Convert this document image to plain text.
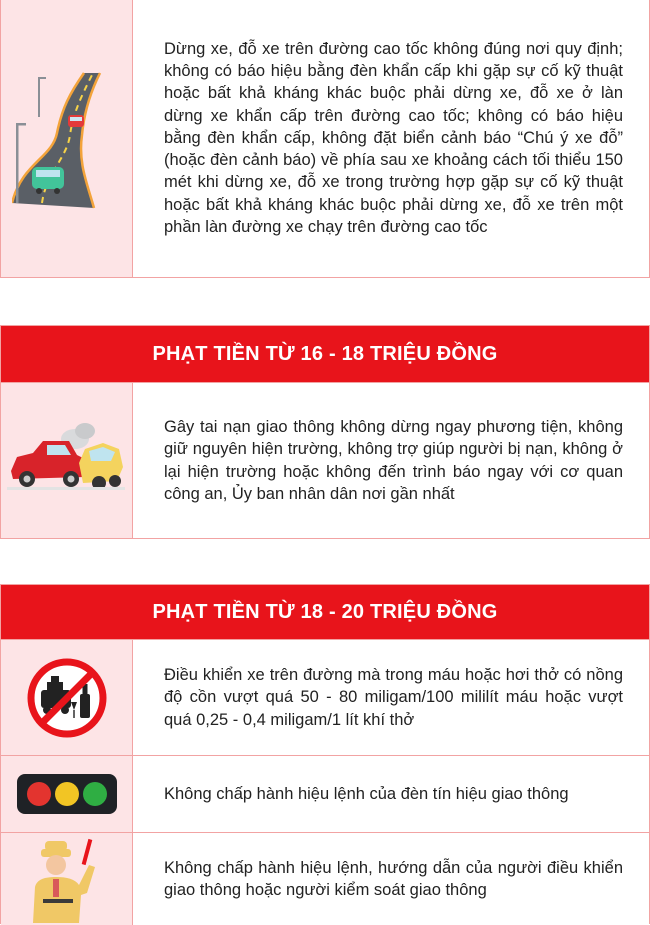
Dừng xe, đỗ xe trên đường cao tốc không đúng nơi quy định; không có báo hiệu bằng đèn khẩn cấp khi gặp sự cố kỹ thuật hoặc bất khả kháng khác buộc phải dừng xe, đỗ xe ở làn dừng xe khẩn cấp trên đường cao tốc; không có báo hiệu bằng đèn khẩn cấp, không đặt biển cảnh báo “Chú ý xe đỗ” (hoặc đèn cảnh báo) về phía sau xe khoảng cách tối thiểu 150 mét khi dừng xe, đỗ xe trong trường hợp gặp sự cố kỹ thuật hoặc bất khả kháng khác buộc phải dừng xe, đỗ xe trên một phần làn đường xe chạy trên đường cao tốc
PHẠT TIỀN TỪ 16 - 18 TRIỆU ĐỒNG
Gây tai nạn giao thông không dừng ngay phương tiện, không giữ nguyên hiện trường, không trợ giúp người bị nạn, không ở lại hiện trường hoặc không đến trình báo ngay với cơ quan công an, Ủy ban nhân dân nơi gần nhất
PHẠT TIỀN TỪ 18 - 20 TRIỆU ĐỒNG
Điều khiển xe trên đường mà trong máu hoặc hơi thở có nồng độ cồn vượt quá 50 - 80 miligam/100 mililít máu hoặc vượt quá 0,25 - 0,4 miligam/1 lít khí thở
Không chấp hành hiệu lệnh của đèn tín hiệu giao thông
Không chấp hành hiệu lệnh, hướng dẫn của người điều khiển giao thông hoặc người kiểm soát giao thông
